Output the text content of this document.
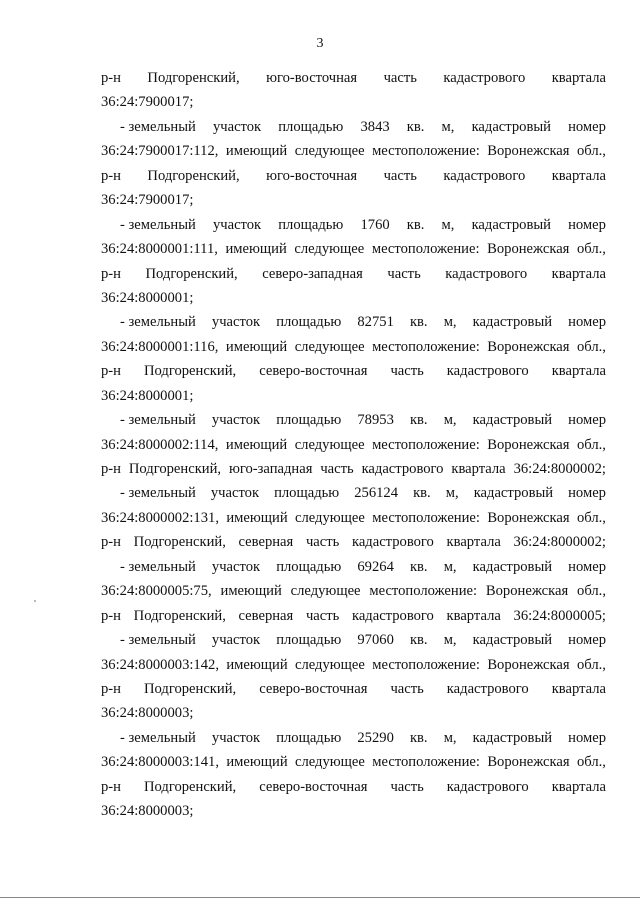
3
р-н Подгоренский, юго-восточная часть кадастрового квартала
36:24:7900017;
- земельный участок площадью 3843 кв. м, кадастровый номер
36:24:7900017:112, имеющий следующее местоположение: Воронежская обл.,
р-н Подгоренский, юго-восточная часть кадастрового квартала
36:24:7900017;
- земельный участок площадью 1760 кв. м, кадастровый номер
36:24:8000001:111, имеющий следующее местоположение: Воронежская обл.,
р-н Подгоренский, северо-западная часть кадастрового квартала
36:24:8000001;
- земельный участок площадью 82751 кв. м, кадастровый номер
36:24:8000001:116, имеющий следующее местоположение: Воронежская обл.,
р-н Подгоренский, северо-восточная часть кадастрового квартала
36:24:8000001;
- земельный участок площадью 78953 кв. м, кадастровый номер
36:24:8000002:114, имеющий следующее местоположение: Воронежская обл.,
р-н Подгоренский, юго-западная часть кадастрового квартала 36:24:8000002;
- земельный участок площадью 256124 кв. м, кадастровый номер
36:24:8000002:131, имеющий следующее местоположение: Воронежская обл.,
р-н Подгоренский, северная часть кадастрового квартала 36:24:8000002;
- земельный участок площадью 69264 кв. м, кадастровый номер
36:24:8000005:75, имеющий следующее местоположение: Воронежская обл.,
р-н Подгоренский, северная часть кадастрового квартала 36:24:8000005;
- земельный участок площадью 97060 кв. м, кадастровый номер
36:24:8000003:142, имеющий следующее местоположение: Воронежская обл.,
р-н Подгоренский, северо-восточная часть кадастрового квартала
36:24:8000003;
- земельный участок площадью 25290 кв. м, кадастровый номер
36:24:8000003:141, имеющий следующее местоположение: Воронежская обл.,
р-н Подгоренский, северо-восточная часть кадастрового квартала
36:24:8000003;
